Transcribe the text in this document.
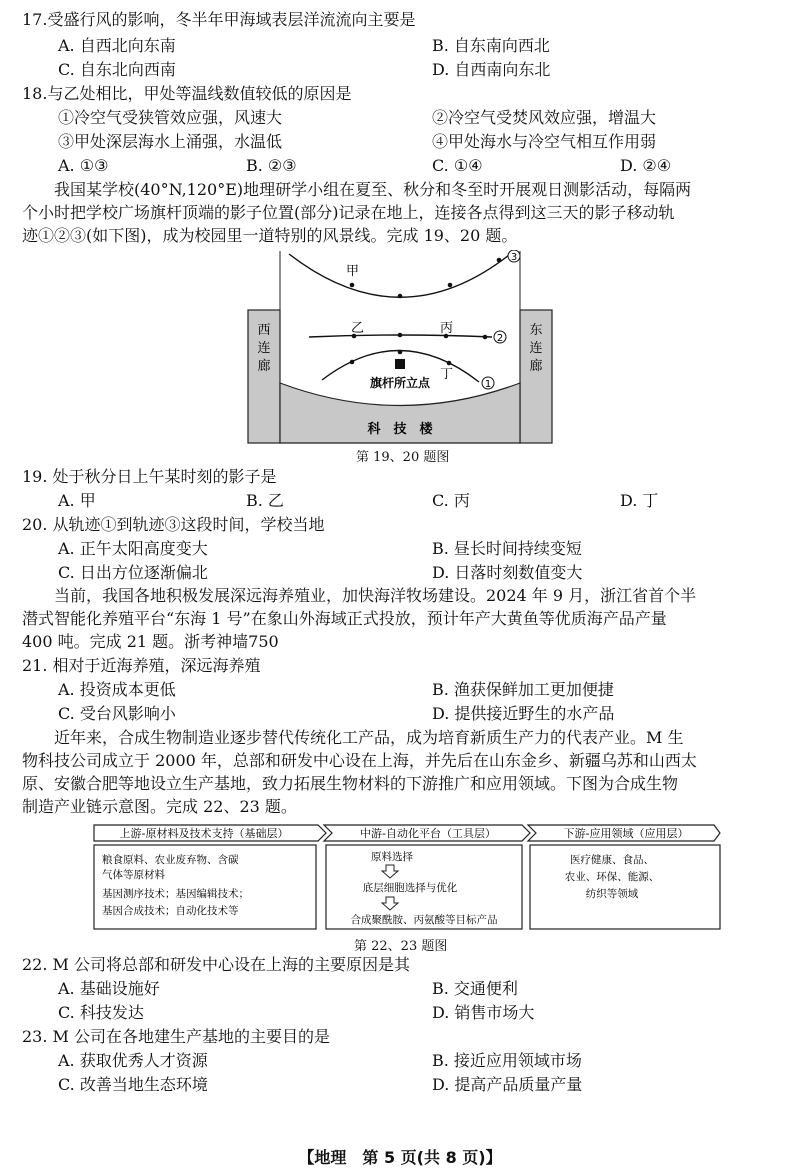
17.受盛行风的影响，冬半年甲海域表层洋流流向主要是
A. 自西北向东南	B. 自东南向西北
C. 自东北向西南	D. 自西南向东北
18.与乙处相比，甲处等温线数值较低的原因是
①冷空气受狭管效应强，风速大	②冷空气受焚风效应强，增温大
③甲处深层海水上涌强，水温低	④甲处海水与冷空气相互作用弱
A. ①③	B. ②③	C. ①④	D. ②④
　　我国某学校(40°N,120°E)地理研学小组在夏至、秋分和冬至时开展观日测影活动，每隔两
个小时把学校广场旗杆顶端的影子位置(部分)记录在地上，连接各点得到这三天的影子移动轨
迹①②③(如下图)，成为校园里一道特别的风景线。完成 19、20 题。
西
连
廊
东
连
廊
科　技　楼
甲
3
乙	丙
2
丁
1
旗杆所立点
第 19、20 题图
19. 处于秋分日上午某时刻的影子是
A. 甲	B. 乙	C. 丙	D. 丁
20. 从轨迹①到轨迹③这段时间，学校当地
A. 正午太阳高度变大	B. 昼长时间持续变短
C. 日出方位逐渐偏北	D. 日落时刻数值变大
　　当前，我国各地积极发展深远海养殖业，加快海洋牧场建设。2024 年 9 月，浙江省首个半
潜式智能化养殖平台“东海 1 号”在象山外海域正式投放，预计年产大黄鱼等优质海产品产量
400 吨。完成 21 题。浙考神墙750
21. 相对于近海养殖，深远海养殖
A. 投资成本更低	B. 渔获保鲜加工更加便捷
C. 受台风影响小	D. 提供接近野生的水产品
　　近年来，合成生物制造业逐步替代传统化工产品，成为培育新质生产力的代表产业。M 生
物科技公司成立于 2000 年，总部和研发中心设在上海，并先后在山东金乡、新疆乌苏和山西太
原、安徽合肥等地设立生产基地，致力拓展生物材料的下游推广和应用领域。下图为合成生物
制造产业链示意图。完成 22、23 题。
上游-原材料及技术支持（基础层）	中游-自动化平台（工具层）	下游-应用领域（应用层）
粮食原料、农业废弃物、含碳
气体等原材料
基因测序技术；基因编辑技术；
基因合成技术；自动化技术等
原料选择
底层细胞选择与优化
合成聚酰胺、丙氨酸等目标产品
医疗健康、食品、
农业、环保、能源、
纺织等领域
第 22、23 题图
22. M 公司将总部和研发中心设在上海的主要原因是其
A. 基础设施好	B. 交通便利
C. 科技发达	D. 销售市场大
23. M 公司在各地建生产基地的主要目的是
A. 获取优秀人才资源	B. 接近应用领域市场
C. 改善当地生态环境	D. 提高产品质量产量
【地理　第 5 页(共 8 页)】
